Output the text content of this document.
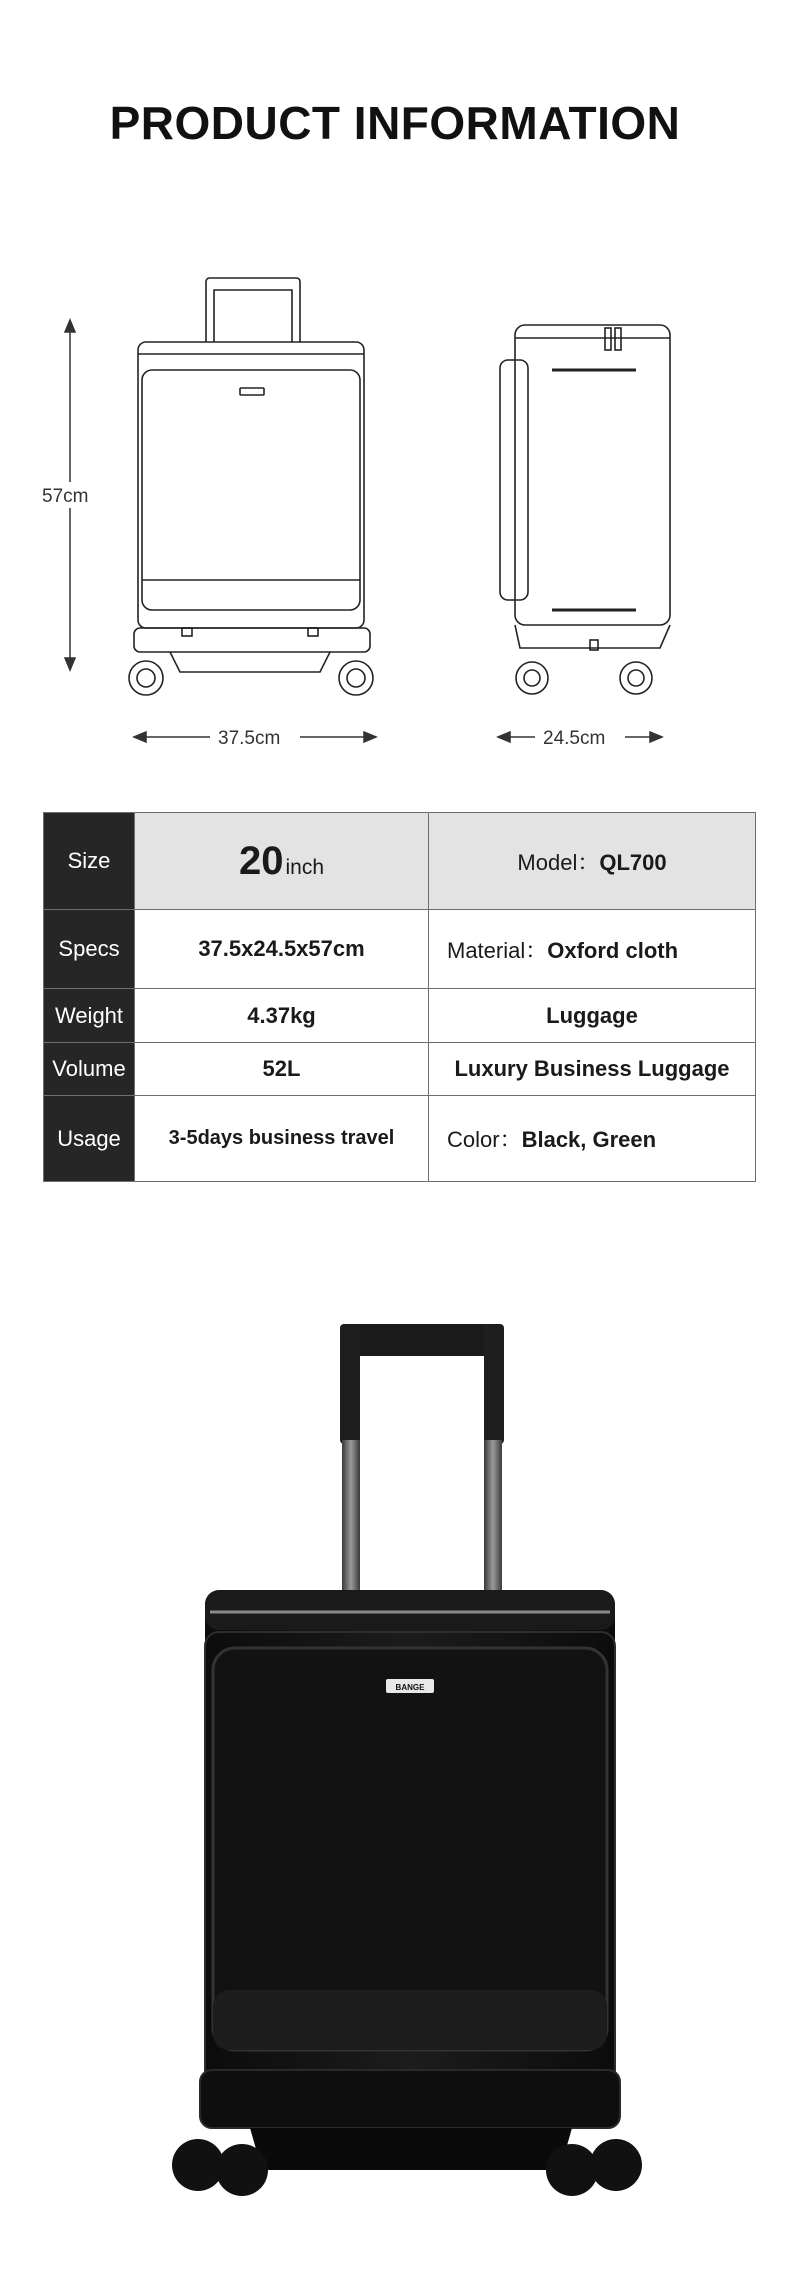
PRODUCT INFORMATION
57cm
37.5cm	24.5cm
Size	20inch	Model：QL700
Specs	37.5x24.5x57cm	Material：Oxford cloth
Weight	4.37kg	Luggage
Volume	52L	Luxury Business Luggage
Usage	3-5days business travel	Color：Black, Green
BANGE
